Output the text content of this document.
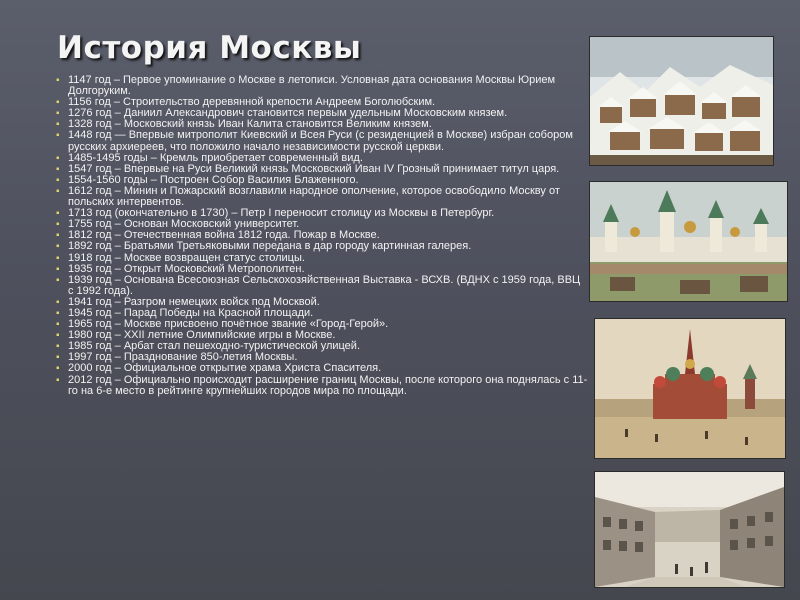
История Москвы
▪ 1147 год – Первое упоминание о Москве в летописи. Условная дата основания Москвы Юрием Долгоруким.
▪ 1156 год – Строительство деревянной крепости Андреем Боголюбским.
▪ 1276 год – Даниил Александрович становится первым удельным Московским князем.
▪ 1328 год – Московский князь Иван Калита становится Великим князем.
▪ 1448 год — Впервые митрополит Киевский и Всея Руси (с резиденцией в Москве) избран собором русских архиереев, что положило начало независимости русской церкви.
▪ 1485-1495 годы – Кремль приобретает современный вид.
▪ 1547 год – Впервые на Руси Великий князь Московский Иван IV Грозный принимает титул царя.
▪ 1554-1560 годы – Построен Собор Василия Блаженного.
▪ 1612 год – Минин и Пожарский возглавили народное ополчение, которое освободило Москву от польских интервентов.
▪ 1713 год (окончательно в 1730) – Петр I переносит столицу из Москвы в Петербург.
▪ 1755 год – Основан Московский университет.
▪ 1812 год – Отечественная война 1812 года. Пожар в Москве.
▪ 1892 год – Братьями Третьяковыми передана в дар городу картинная галерея.
▪ 1918 год – Москве возвращен статус столицы.
▪ 1935 год – Открыт Московский Метрополитен.
▪ 1939 год – Основана Всесоюзная Сельскохозяйственная Выставка - ВСХВ. (ВДНХ с 1959 года, ВВЦ с 1992 года).
▪ 1941 год – Разгром немецких войск под Москвой.
▪ 1945 год – Парад Победы на Красной площади.
▪ 1965 год – Москве присвоено почётное звание «Город-Герой».
▪ 1980 год – XXII летние Олимпийские игры в Москве.
▪ 1985 год – Арбат стал пешеходно-туристической улицей.
▪ 1997 год – Празднование 850-летия Москвы.
▪ 2000 год – Официальное открытие храма Христа Спасителя.
▪ 2012 год – Официально происходит расширение границ Москвы, после которого она поднялась с 11-го на 6-е место в рейтинге крупнейших городов мира по площади.
